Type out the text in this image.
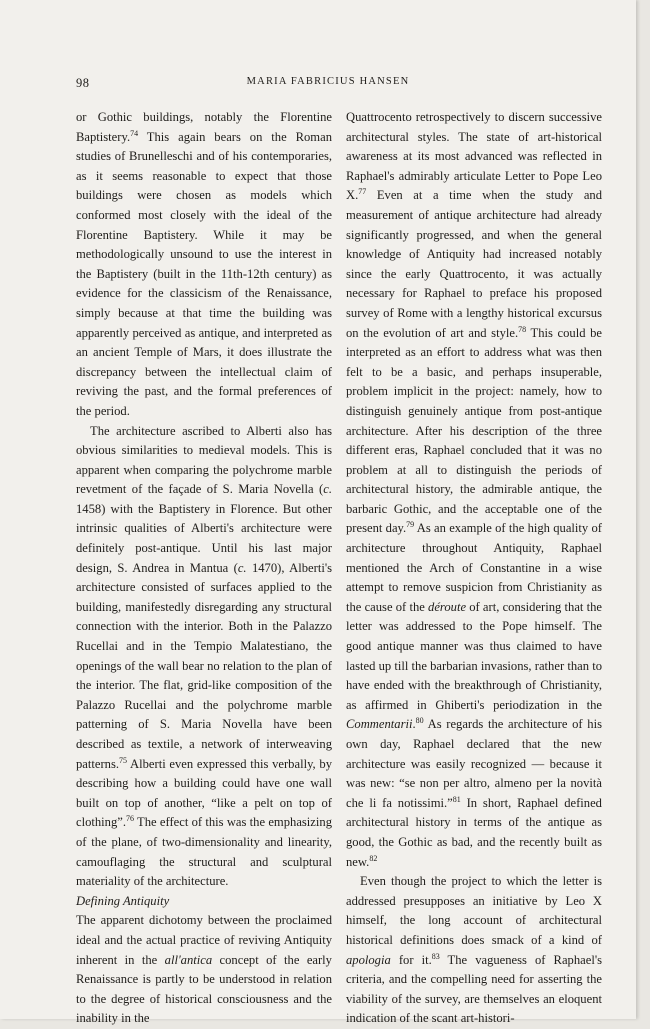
98	MARIA FABRICIUS HANSEN

or Gothic buildings, notably the Florentine Baptistery.$^{74}$ This again bears on the Roman studies of Brunelleschi and of his contemporaries, as it seems reasonable to expect that those buildings were chosen as models which conformed most closely with the ideal of the Florentine Baptistery. While it may be methodologically unsound to use the interest in the Baptistery (built in the 11th-12th century) as evidence for the classicism of the Renaissance, simply because at that time the building was apparently perceived as antique, and interpreted as an ancient Temple of Mars, it does illustrate the discrepancy between the intellectual claim of reviving the past, and the formal preferences of the period.

The architecture ascribed to Alberti also has obvious similarities to medieval models. This is apparent when comparing the polychrome marble revetment of the façade of S. Maria Novella (c. 1458) with the Baptistery in Florence. But other intrinsic qualities of Alberti's architecture were definitely post-antique. Until his last major design, S. Andrea in Mantua (c. 1470), Alberti's architecture consisted of surfaces applied to the building, manifestedly disregarding any structural connection with the interior. Both in the Palazzo Rucellai and in the Tempio Malatestiano, the openings of the wall bear no relation to the plan of the interior. The flat, grid-like composition of the Palazzo Rucellai and the polychrome marble patterning of S. Maria Novella have been described as textile, a network of interweaving patterns.$^{75}$ Alberti even expressed this verbally, by describing how a building could have one wall built on top of another, “like a pelt on top of clothing”.$^{76}$ The effect of this was the emphasizing of the plane, of two-dimensionality and linearity, camouflaging the structural and sculptural materiality of the architecture.

Defining Antiquity

The apparent dichotomy between the proclaimed ideal and the actual practice of reviving Antiquity inherent in the all'antica concept of the early Renaissance is partly to be understood in relation to the degree of historical consciousness and the inability in the

Quattrocento retrospectively to discern successive architectural styles. The state of art-historical awareness at its most advanced was reflected in Raphael's admirably articulate Letter to Pope Leo X.$^{77}$ Even at a time when the study and measurement of antique architecture had already significantly progressed, and when the general knowledge of Antiquity had increased notably since the early Quattrocento, it was actually necessary for Raphael to preface his proposed survey of Rome with a lengthy historical excursus on the evolution of art and style.$^{78}$ This could be interpreted as an effort to address what was then felt to be a basic, and perhaps insuperable, problem implicit in the project: namely, how to distinguish genuinely antique from post-antique architecture. After his description of the three different eras, Raphael concluded that it was no problem at all to distinguish the periods of architectural history, the admirable antique, the barbaric Gothic, and the acceptable one of the present day.$^{79}$ As an example of the high quality of architecture throughout Antiquity, Raphael mentioned the Arch of Constantine in a wise attempt to remove suspicion from Christianity as the cause of the déroute of art, considering that the letter was addressed to the Pope himself. The good antique manner was thus claimed to have lasted up till the barbarian invasions, rather than to have ended with the breakthrough of Christianity, as affirmed in Ghiberti's periodization in the Commentarii.$^{80}$ As regards the architecture of his own day, Raphael declared that the new architecture was easily recognized — because it was new: “se non per altro, almeno per la novità che li fa notissimi.”$^{81}$ In short, Raphael defined architectural history in terms of the antique as good, the Gothic as bad, and the recently built as new.$^{82}$

Even though the project to which the letter is addressed presupposes an initiative by Leo X himself, the long account of architectural historical definitions does smack of a kind of apologia for it.$^{83}$ The vagueness of Raphael's criteria, and the compelling need for asserting the viability of the survey, are themselves an eloquent indication of the scant art-histori-
